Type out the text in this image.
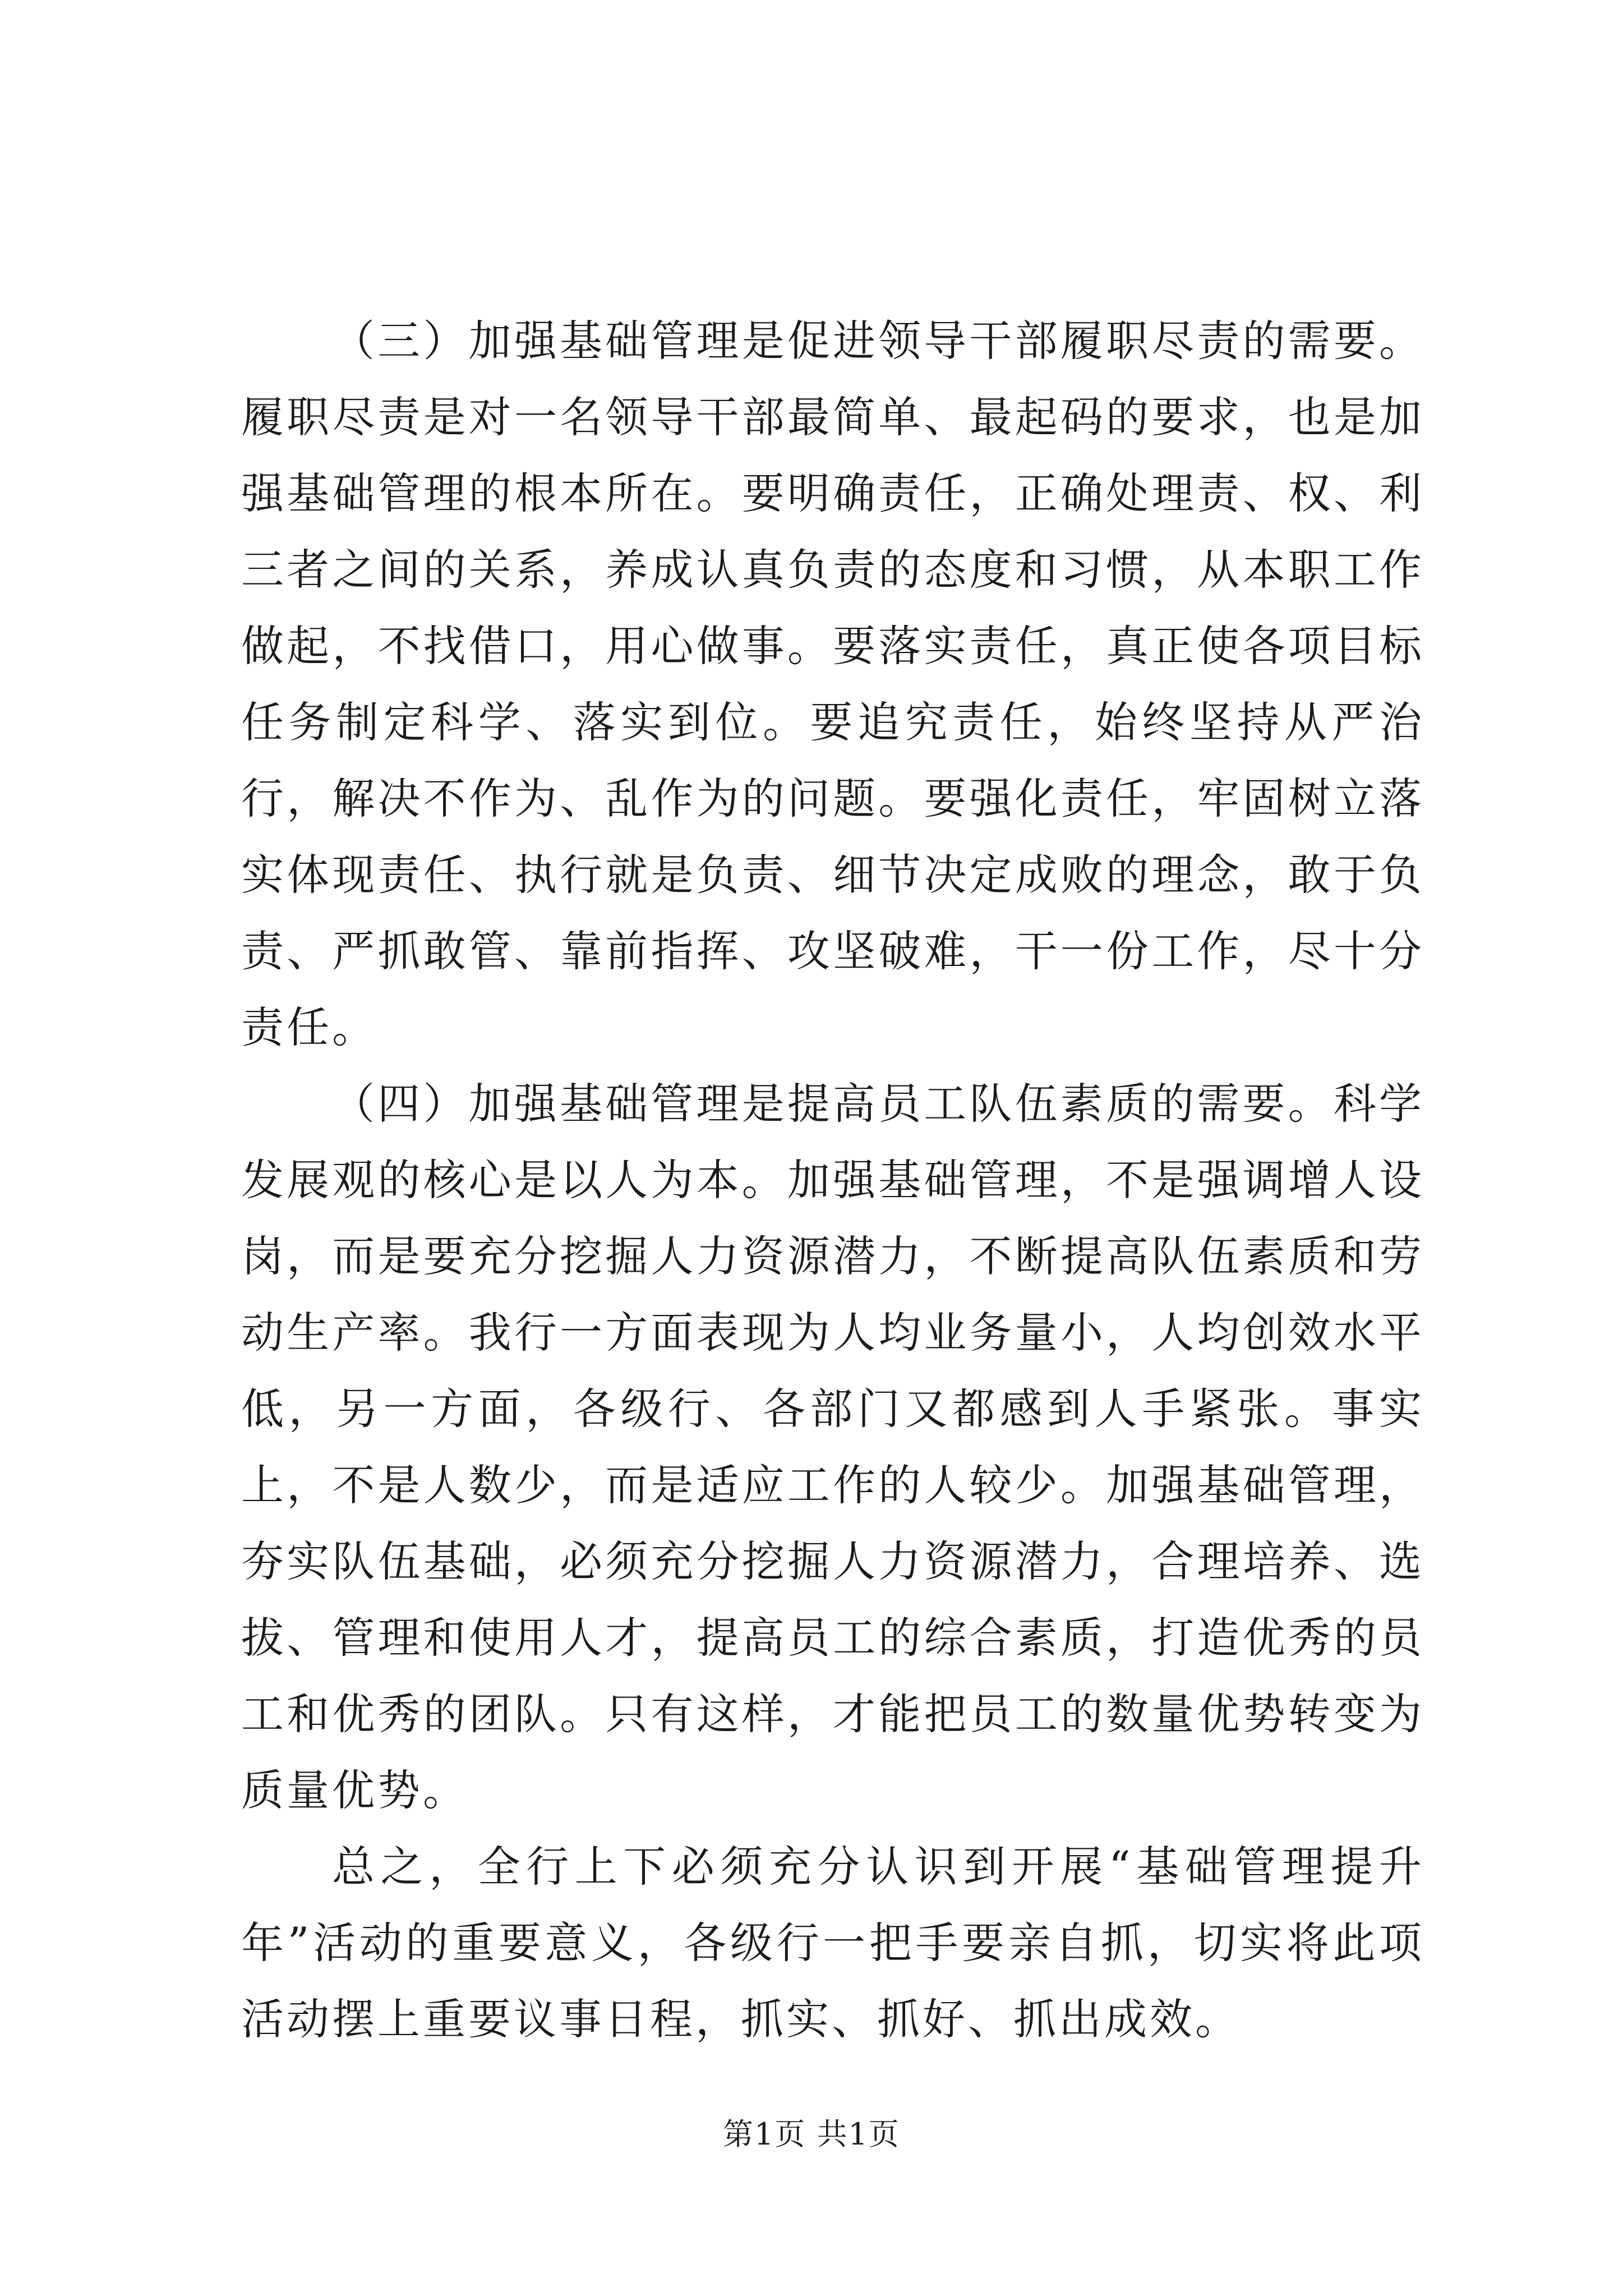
（三）加强基础管理是促进领导干部履职尽责的需要。履职尽责是对一名领导干部最简单、最起码的要求，也是加强基础管理的根本所在。要明确责任，正确处理责、权、利三者之间的关系，养成认真负责的态度和习惯，从本职工作做起，不找借口，用心做事。要落实责任，真正使各项目标任务制定科学、落实到位。要追究责任，始终坚持从严治行，解决不作为、乱作为的问题。要强化责任，牢固树立落实体现责任、执行就是负责、细节决定成败的理念，敢于负责、严抓敢管、靠前指挥、攻坚破难，干一份工作，尽十分责任。

（四）加强基础管理是提高员工队伍素质的需要。科学发展观的核心是以人为本。加强基础管理，不是强调增人设岗，而是要充分挖掘人力资源潜力，不断提高队伍素质和劳动生产率。我行一方面表现为人均业务量小，人均创效水平低，另一方面，各级行、各部门又都感到人手紧张。事实上，不是人数少，而是适应工作的人较少。加强基础管理，夯实队伍基础，必须充分挖掘人力资源潜力，合理培养、选拔、管理和使用人才，提高员工的综合素质，打造优秀的员工和优秀的团队。只有这样，才能把员工的数量优势转变为质量优势。

总之，全行上下必须充分认识到开展“基础管理提升年”活动的重要意义，各级行一把手要亲自抓，切实将此项活动摆上重要议事日程，抓实、抓好、抓出成效。

第1页 共1页
